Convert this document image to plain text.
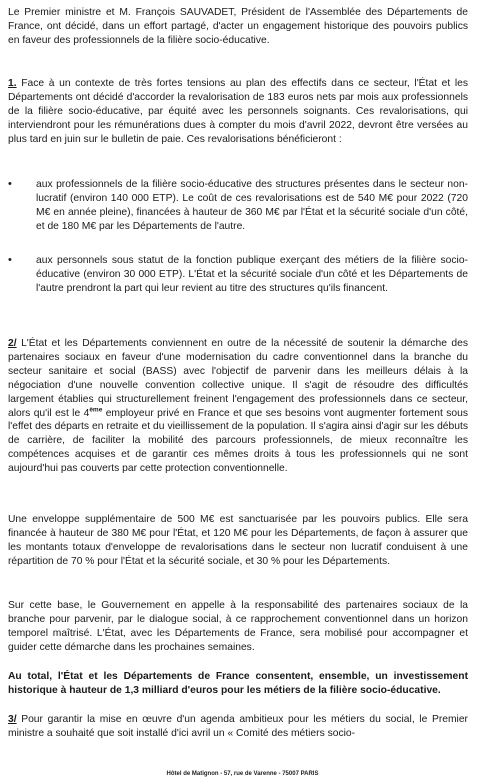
Le Premier ministre et M. François SAUVADET, Président de l'Assemblée des Départements de France, ont décidé, dans un effort partagé, d'acter un engagement historique des pouvoirs publics en faveur des professionnels de la filière socio-éducative.

1. Face à un contexte de très fortes tensions au plan des effectifs dans ce secteur, l'État et les Départements ont décidé d'accorder la revalorisation de 183 euros nets par mois aux professionnels de la filière socio-éducative, par équité avec les personnels soignants. Ces revalorisations, qui interviendront pour les rémunérations dues à compter du mois d'avril 2022, devront être versées au plus tard en juin sur le bulletin de paie. Ces revalorisations bénéficieront :

• aux professionnels de la filière socio-éducative des structures présentes dans le secteur non-lucratif (environ 140 000 ETP). Le coût de ces revalorisations est de 540 M€ pour 2022 (720 M€ en année pleine), financées à hauteur de 360 M€ par l'État et la sécurité sociale d'un côté, et de 180 M€ par les Départements de l'autre.

• aux personnels sous statut de la fonction publique exerçant des métiers de la filière socio-éducative (environ 30 000 ETP). L'État et la sécurité sociale d'un côté et les Départements de l'autre prendront la part qui leur revient au titre des structures qu'ils financent.

2/ L'État et les Départements conviennent en outre de la nécessité de soutenir la démarche des partenaires sociaux en faveur d'une modernisation du cadre conventionnel dans la branche du secteur sanitaire et social (BASS) avec l'objectif de parvenir dans les meilleurs délais à la négociation d'une nouvelle convention collective unique. Il s'agit de résoudre des difficultés largement établies qui structurellement freinent l'engagement des professionnels dans ce secteur, alors qu'il est le 4ème employeur privé en France et que ses besoins vont augmenter fortement sous l'effet des départs en retraite et du vieillissement de la population. Il s'agira ainsi d'agir sur les débuts de carrière, de faciliter la mobilité des parcours professionnels, de mieux reconnaître les compétences acquises et de garantir ces mêmes droits à tous les professionnels qui ne sont aujourd'hui pas couverts par cette protection conventionnelle.

Une enveloppe supplémentaire de 500 M€ est sanctuarisée par les pouvoirs publics. Elle sera financée à hauteur de 380 M€ pour l'État, et 120 M€ pour les Départements, de façon à assurer que les montants totaux d'enveloppe de revalorisations dans le secteur non lucratif conduisent à une répartition de 70 % pour l'État et la sécurité sociale, et 30 % pour les Départements.

Sur cette base, le Gouvernement en appelle à la responsabilité des partenaires sociaux de la branche pour parvenir, par le dialogue social, à ce rapprochement conventionnel dans un horizon temporel maîtrisé. L'État, avec les Départements de France, sera mobilisé pour accompagner et guider cette démarche dans les prochaines semaines.

Au total, l'État et les Départements de France consentent, ensemble, un investissement historique à hauteur de 1,3 milliard d'euros pour les métiers de la filière socio-éducative.

3/ Pour garantir la mise en œuvre d'un agenda ambitieux pour les métiers du social, le Premier ministre a souhaité que soit installé d'ici avril un « Comité des métiers socio-

Hôtel de Matignon - 57, rue de Varenne - 75007 PARIS
